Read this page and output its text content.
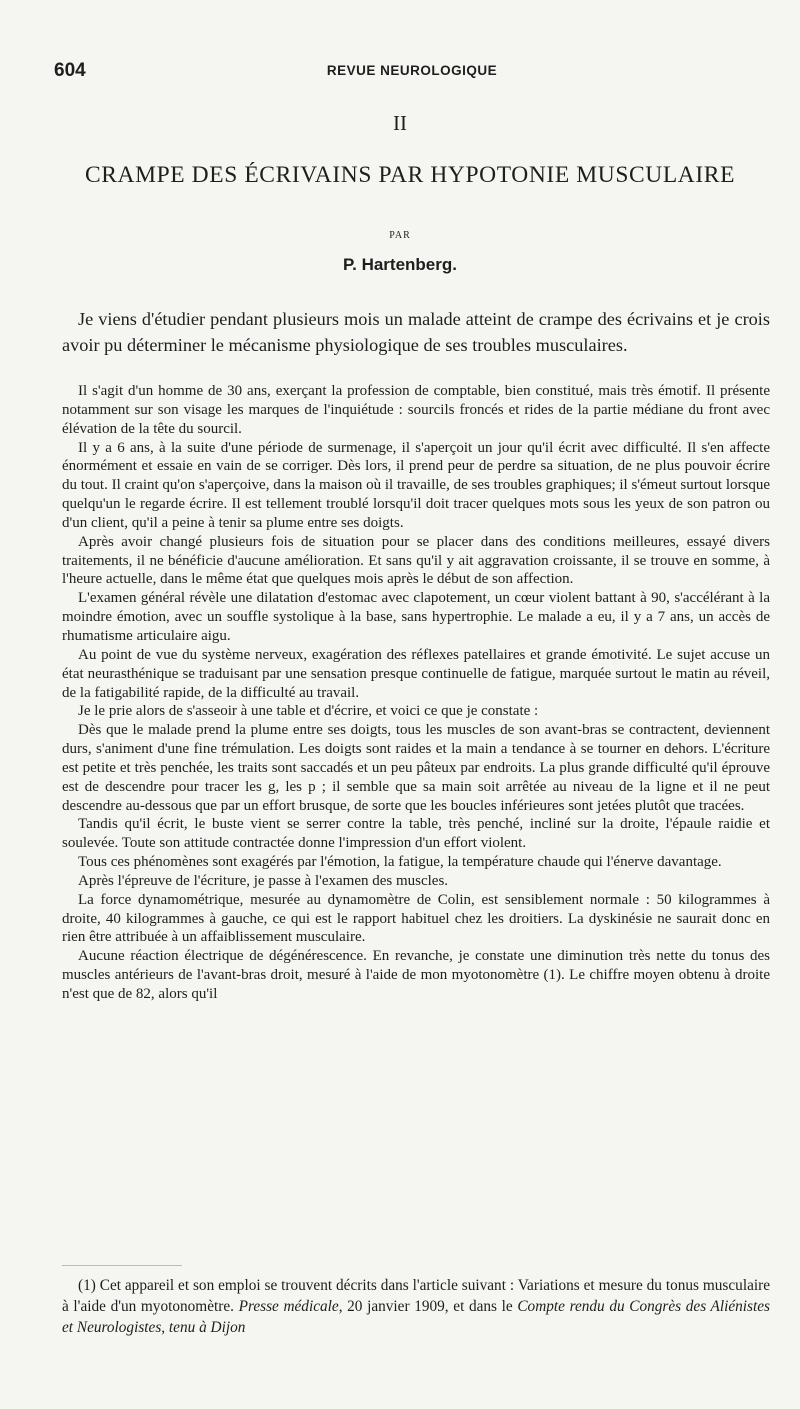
604	REVUE NEUROLOGIQUE
II
CRAMPE DES ÉCRIVAINS PAR HYPOTONIE MUSCULAIRE
PAR
P. Hartenberg.
Je viens d'étudier pendant plusieurs mois un malade atteint de crampe des écrivains et je crois avoir pu déterminer le mécanisme physiologique de ses troubles musculaires.

Il s'agit d'un homme de 30 ans, exerçant la profession de comptable, bien constitué, mais très émotif. Il présente notamment sur son visage les marques de l'inquiétude : sourcils froncés et rides de la partie médiane du front avec élévation de la tête du sourcil.

Il y a 6 ans, à la suite d'une période de surmenage, il s'aperçoit un jour qu'il écrit avec difficulté. Il s'en affecte énormément et essaie en vain de se corriger. Dès lors, il prend peur de perdre sa situation, de ne plus pouvoir écrire du tout. Il craint qu'on s'aperçoive, dans la maison où il travaille, de ses troubles graphiques; il s'émeut surtout lorsque quelqu'un le regarde écrire. Il est tellement troublé lorsqu'il doit tracer quelques mots sous les yeux de son patron ou d'un client, qu'il a peine à tenir sa plume entre ses doigts.

Après avoir changé plusieurs fois de situation pour se placer dans des conditions meilleures, essayé divers traitements, il ne bénéficie d'aucune amélioration. Et sans qu'il y ait aggravation croissante, il se trouve en somme, à l'heure actuelle, dans le même état que quelques mois après le début de son affection.

L'examen général révèle une dilatation d'estomac avec clapotement, un cœur violent battant à 90, s'accélérant à la moindre émotion, avec un souffle systolique à la base, sans hypertrophie. Le malade a eu, il y a 7 ans, un accès de rhumatisme articulaire aigu.

Au point de vue du système nerveux, exagération des réflexes patellaires et grande émotivité. Le sujet accuse un état neurasthénique se traduisant par une sensation presque continuelle de fatigue, marquée surtout le matin au réveil, de la fatigabilité rapide, de la difficulté au travail.

Je le prie alors de s'asseoir à une table et d'écrire, et voici ce que je constate :

Dès que le malade prend la plume entre ses doigts, tous les muscles de son avant-bras se contractent, deviennent durs, s'animent d'une fine trémulation. Les doigts sont raides et la main a tendance à se tourner en dehors. L'écriture est petite et très penchée, les traits sont saccadés et un peu pâteux par endroits. La plus grande difficulté qu'il éprouve est de descendre pour tracer les g, les p ; il semble que sa main soit arrêtée au niveau de la ligne et il ne peut descendre au-dessous que par un effort brusque, de sorte que les boucles inférieures sont jetées plutôt que tracées.

Tandis qu'il écrit, le buste vient se serrer contre la table, très penché, incliné sur la droite, l'épaule raidie et soulevée. Toute son attitude contractée donne l'impression d'un effort violent.

Tous ces phénomènes sont exagérés par l'émotion, la fatigue, la température chaude qui l'énerve davantage.

Après l'épreuve de l'écriture, je passe à l'examen des muscles.

La force dynamométrique, mesurée au dynamomètre de Colin, est sensiblement normale : 50 kilogrammes à droite, 40 kilogrammes à gauche, ce qui est le rapport habituel chez les droitiers. La dyskinésie ne saurait donc en rien être attribuée à un affaiblissement musculaire.

Aucune réaction électrique de dégénérescence. En revanche, je constate une diminution très nette du tonus des muscles antérieurs de l'avant-bras droit, mesuré à l'aide de mon myotonomètre (1). Le chiffre moyen obtenu à droite n'est que de 82, alors qu'il

(1) Cet appareil et son emploi se trouvent décrits dans l'article suivant : Variations et mesure du tonus musculaire à l'aide d'un myotonomètre. Presse médicale, 20 janvier 1909, et dans le Compte rendu du Congrès des Aliénistes et Neurologistes, tenu à Dijon
